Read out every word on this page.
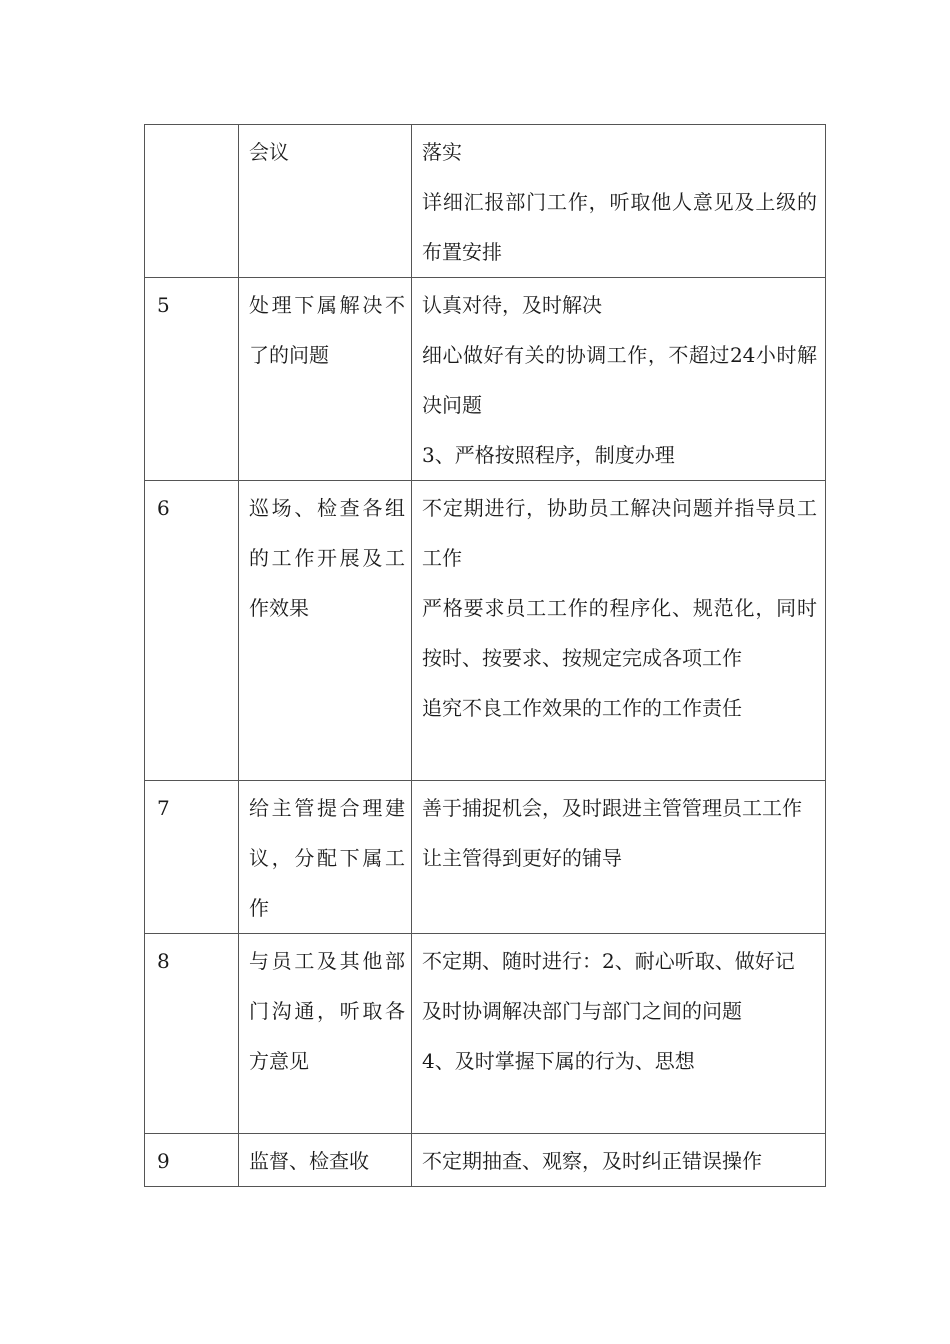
	会议	落实
详细汇报部门工作，听取他人意见及上级的布置安排

5	处理下属解决不了的问题	认真对待，及时解决
细心做好有关的协调工作，不超过24小时解决问题
3、严格按照程序，制度办理

6	巡场、检查各组的工作开展及工作效果	不定期进行，协助员工解决问题并指导员工工作
严格要求员工工作的程序化、规范化，同时按时、按要求、按规定完成各项工作
追究不良工作效果的工作的工作责任

7	给主管提合理建议，分配下属工作	善于捕捉机会，及时跟进主管管理员工工作
让主管得到更好的铺导

8	与员工及其他部门沟通，听取各方意见	不定期、随时进行：2、耐心听取、做好记
及时协调解决部门与部门之间的问题
4、及时掌握下属的行为、思想

9	监督、检查收	不定期抽查、观察，及时纠正错误操作
